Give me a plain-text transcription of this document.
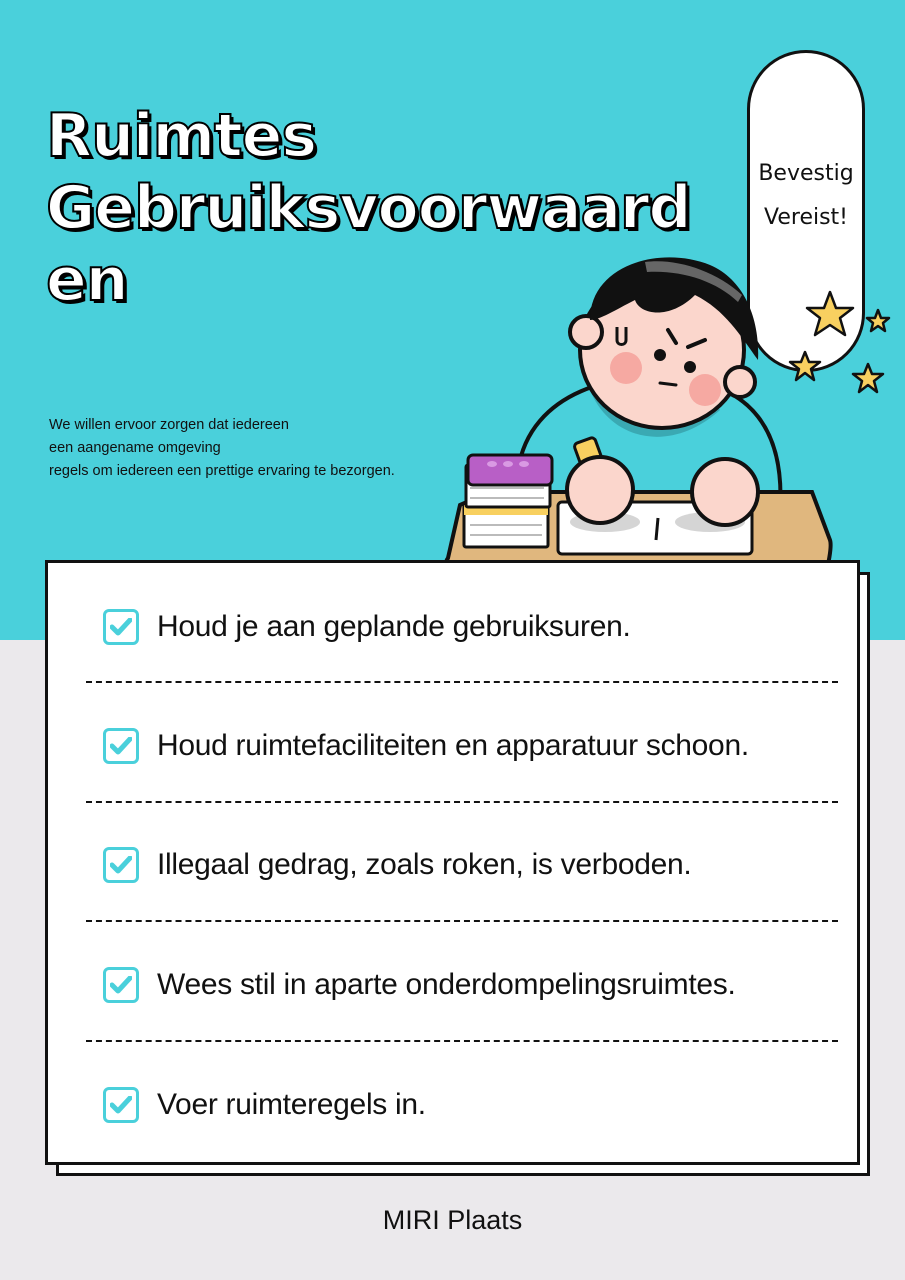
Ruimtes
Gebruiksvoorwaard
en
We willen ervoor zorgen dat iedereen
een aangename omgeving
regels om iedereen een prettige ervaring te bezorgen.
Bevestig
Vereist!
Houd je aan geplande gebruiksuren.
Houd ruimtefaciliteiten en apparatuur schoon.
Illegaal gedrag, zoals roken, is verboden.
Wees stil in aparte onderdompelingsruimtes.
Voer ruimteregels in.
MIRI Plaats
